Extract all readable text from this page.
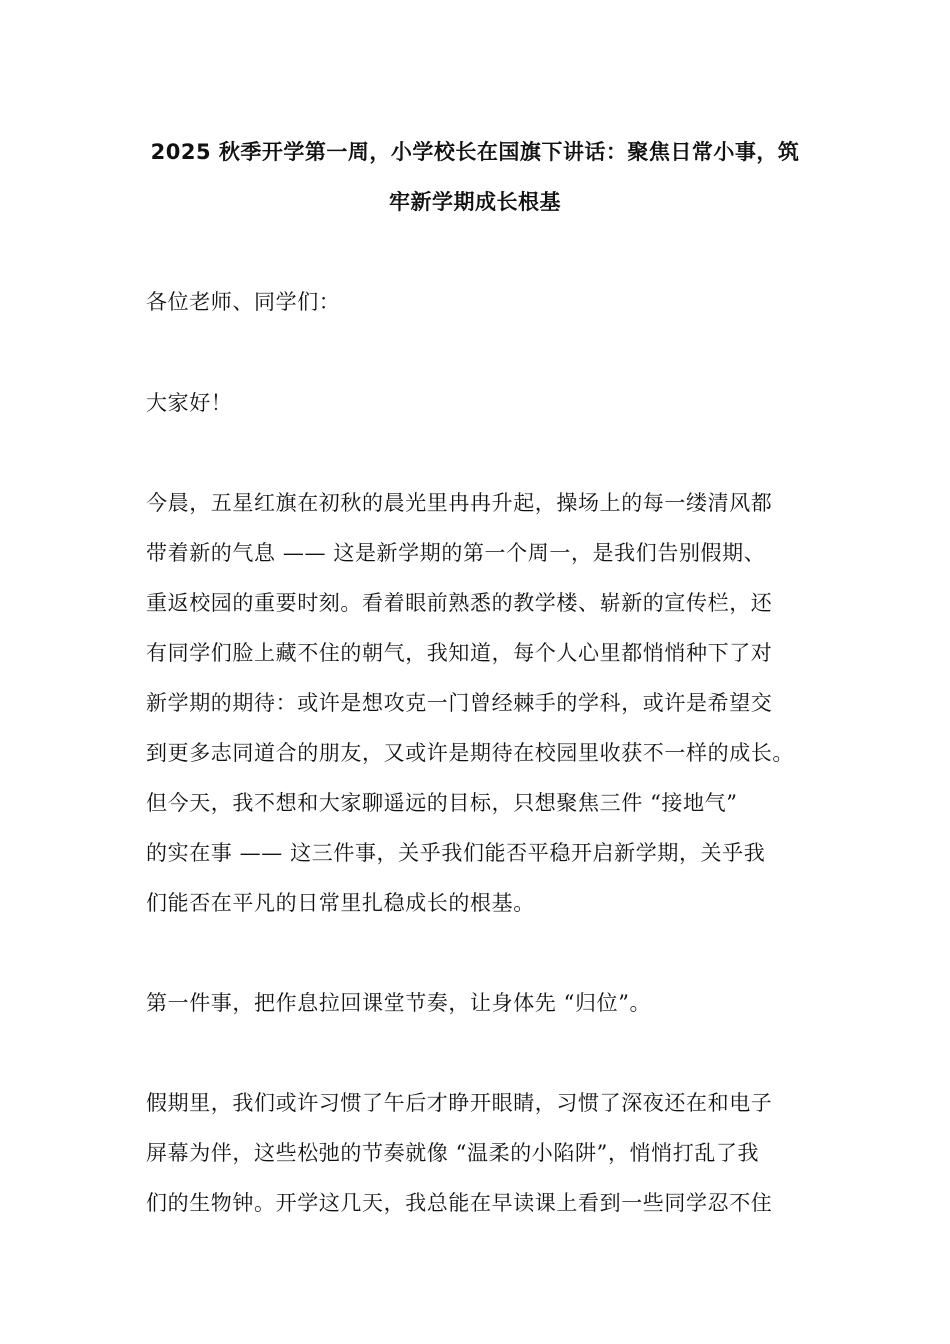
2025 秋季开学第一周，小学校长在国旗下讲话：聚焦日常小事，筑
牢新学期成长根基
各位老师、同学们：
大家好！
今晨，五星红旗在初秋的晨光里冉冉升起，操场上的每一缕清风都
带着新的气息 —— 这是新学期的第一个周一，是我们告别假期、
重返校园的重要时刻。看着眼前熟悉的教学楼、崭新的宣传栏，还
有同学们脸上藏不住的朝气，我知道，每个人心里都悄悄种下了对
新学期的期待：或许是想攻克一门曾经棘手的学科，或许是希望交
到更多志同道合的朋友，又或许是期待在校园里收获不一样的成长。
但今天，我不想和大家聊遥远的目标，只想聚焦三件 “接地气”
的实在事 —— 这三件事，关乎我们能否平稳开启新学期，关乎我
们能否在平凡的日常里扎稳成长的根基。
第一件事，把作息拉回课堂节奏，让身体先 “归位”。
假期里，我们或许习惯了午后才睁开眼睛，习惯了深夜还在和电子
屏幕为伴，这些松弛的节奏就像 “温柔的小陷阱”，悄悄打乱了我
们的生物钟。开学这几天，我总能在早读课上看到一些同学忍不住
